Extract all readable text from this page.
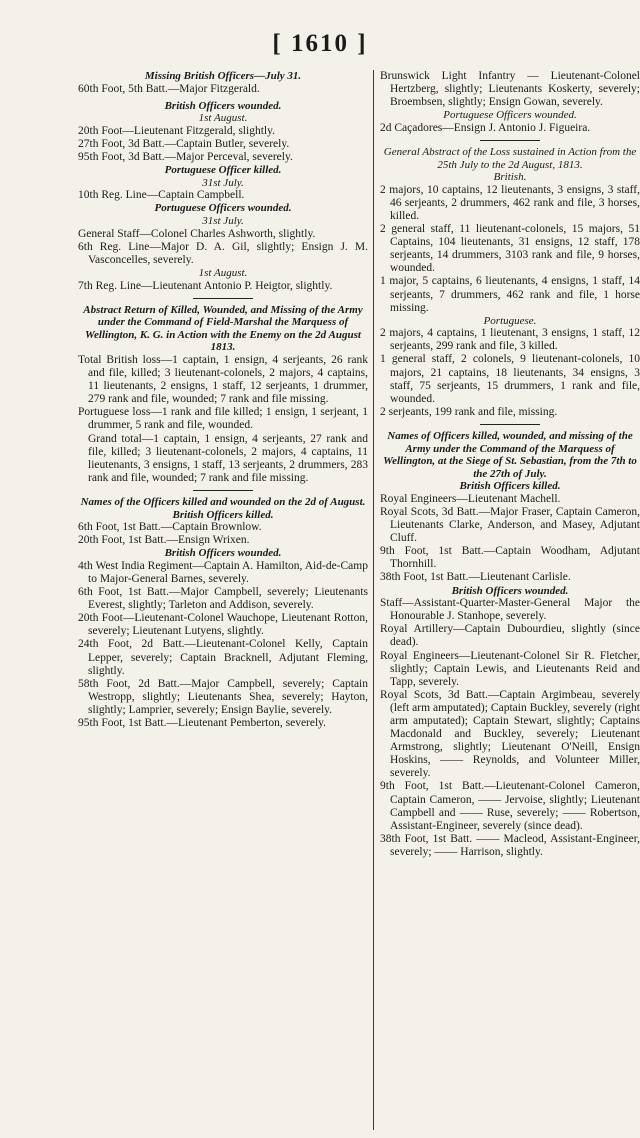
[ 1610 ]
Missing British Officers—July 31.
60th Foot, 5th Batt.—Major Fitzgerald.
British Officers wounded.
1st August.
20th Foot—Lieutenant Fitzgerald, slightly.
27th Foot, 3d Batt.—Captain Butler, severely.
95th Foot, 3d Batt.—Major Perceval, severely.
Portuguese Officer killed.
31st July.
10th Reg. Line—Captain Campbell.
Portuguese Officers wounded.
31st July.
General Staff—Colonel Charles Ashworth, slightly.
6th Reg. Line—Major D. A. Gil, slightly; Ensign J. M. Vasconcelles, severely.
1st August.
7th Reg. Line—Lieutenant Antonio P. Heigtor, slightly.
Abstract Return of Killed, Wounded, and Missing of the Army under the Command of Field-Marshal the Marquess of Wellington, K. G. in Action with the Enemy on the 2d August 1813.
Total British loss—1 captain, 1 ensign, 4 serjeants, 26 rank and file, killed; 3 lieutenant-colonels, 2 majors, 4 captains, 11 lieutenants, 2 ensigns, 1 staff, 12 serjeants, 1 drummer, 279 rank and file, wounded; 7 rank and file missing.
Portuguese loss—1 rank and file killed; 1 ensign, 1 serjeant, 1 drummer, 5 rank and file, wounded.
Grand total—1 captain, 1 ensign, 4 serjeants, 27 rank and file, killed; 3 lieutenant-colonels, 2 majors, 4 captains, 11 lieutenants, 3 ensigns, 1 staff, 13 serjeants, 2 drummers, 283 rank and file, wounded; 7 rank and file missing.
Names of the Officers killed and wounded on the 2d of August.
British Officers killed.
6th Foot, 1st Batt.—Captain Brownlow.
20th Foot, 1st Batt.—Ensign Wrixen.
British Officers wounded.
4th West India Regiment—Captain A. Hamilton, Aid-de-Camp to Major-General Barnes, severely.
6th Foot, 1st Batt.—Major Campbell, severely; Lieutenants Everest, slightly; Tarleton and Addison, severely.
20th Foot—Lieutenant-Colonel Wauchope, Lieutenant Rotton, severely; Lieutenant Lutyens, slightly.
24th Foot, 2d Batt.—Lieutenant-Colonel Kelly, Captain Lepper, severely; Captain Bracknell, Adjutant Fleming, slightly.
58th Foot, 2d Batt.—Major Campbell, severely; Captain Westropp, slightly; Lieutenants Shea, severely; Hayton, slightly; Lamprier, severely; Ensign Baylie, severely.
95th Foot, 1st Batt.—Lieutenant Pemberton, severely.
Brunswick Light Infantry — Lieutenant-Colonel Hertzberg, slightly; Lieutenants Koskerty, severely; Broembsen, slightly; Ensign Gowan, severely.
Portuguese Officers wounded.
2d Caçadores—Ensign J. Antonio J. Figueira.
General Abstract of the Loss sustained in Action from the 25th July to the 2d August, 1813.
British.
2 majors, 10 captains, 12 lieutenants, 3 ensigns, 3 staff, 46 serjeants, 2 drummers, 462 rank and file, 3 horses, killed.
2 general staff, 11 lieutenant-colonels, 15 majors, 51 Captains, 104 lieutenants, 31 ensigns, 12 staff, 178 serjeants, 14 drummers, 3103 rank and file, 9 horses, wounded.
1 major, 5 captains, 6 lieutenants, 4 ensigns, 1 staff, 14 serjeants, 7 drummers, 462 rank and file, 1 horse missing.
Portuguese.
2 majors, 4 captains, 1 lieutenant, 3 ensigns, 1 staff, 12 serjeants, 299 rank and file, 3 killed.
1 general staff, 2 colonels, 9 lieutenant-colonels, 10 majors, 21 captains, 18 lieutenants, 34 ensigns, 3 staff, 75 serjeants, 15 drummers, 1 rank and file, wounded.
2 serjeants, 199 rank and file, missing.
Names of Officers killed, wounded, and missing of the Army under the Command of the Marquess of Wellington, at the Siege of St. Sebastian, from the 7th to the 27th of July.
British Officers killed.
Royal Engineers—Lieutenant Machell.
Royal Scots, 3d Batt.—Major Fraser, Captain Cameron, Lieutenants Clarke, Anderson, and Masey, Adjutant Cluff.
9th Foot, 1st Batt.—Captain Woodham, Adjutant Thornhill.
38th Foot, 1st Batt.—Lieutenant Carlisle.
British Officers wounded.
Staff—Assistant-Quarter-Master-General Major the Honourable J. Stanhope, severely.
Royal Artillery—Captain Dubourdieu, slightly (since dead).
Royal Engineers—Lieutenant-Colonel Sir R. Fletcher, slightly; Captain Lewis, and Lieutenants Reid and Tapp, severely.
Royal Scots, 3d Batt.—Captain Argimbeau, severely (left arm amputated); Captain Buckley, severely (right arm amputated); Captain Stewart, slightly; Captains Macdonald and Buckley, severely; Lieutenant Armstrong, slightly; Lieutenant O'Neill, Ensign Hoskins, —— Reynolds, and Volunteer Miller, severely.
9th Foot, 1st Batt.—Lieutenant-Colonel Cameron, Captain Cameron, —— Jervoise, slightly; Lieutenant Campbell and —— Ruse, severely; —— Robertson, Assistant-Engineer, severely (since dead).
38th Foot, 1st Batt. —— Macleod, Assistant-Engineer, severely; —— Harrison, slightly.
